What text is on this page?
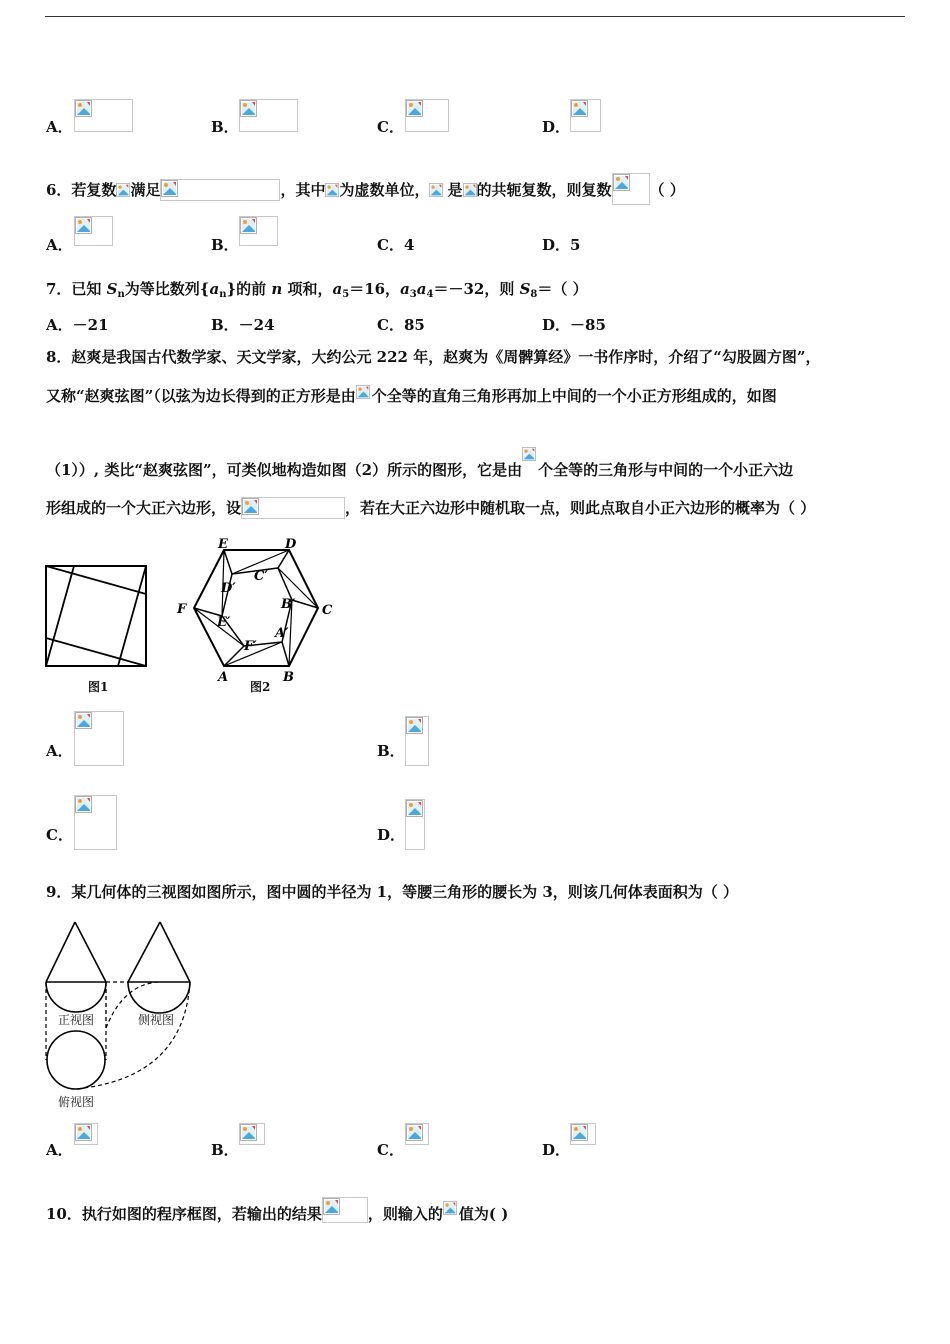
A．	B．	C．	D．
6．若复数 满足	，其中 为虚数单位， 是 的共轭复数，则复数	（ ）
A．	B．	C．4	D．5
7．已知 $S_n$为等比数列$\{a_n\}$的前 n 项和，$a_5=16$，$a_3a_4=-32$，则 $S_8=$（ ）
A．－21	B．－24	C．85	D．－85
8．赵爽是我国古代数学家、天文学家，大约公元 222 年，赵爽为《周髀算经》一书作序时，介绍了“勾股圆方图”，
又称“赵爽弦图”（以弦为边长得到的正方形是由 个全等的直角三角形再加上中间的一个小正方形组成的，如图
（1））, 类比“赵爽弦图”，可类似地构造如图（2）所示的图形，它是由 个全等的三角形与中间的一个小正六边
形组成的一个大正六边形，设	，若在大正六边形中随机取一点，则此点取自小正六边形的概率为（ ）
图1
E	D
C
F
A	B
D′
C′
B′
E′
A′
F′
图2
A．	B．
C．	D．
9．某几何体的三视图如图所示，图中圆的半径为 1，等腰三角形的腰长为 3，则该几何体表面积为（ ）
正视图	侧视图
俯视图
A．	B．	C．	D．
10．执行如图的程序框图，若输出的结果	，则输入的 值为( )
